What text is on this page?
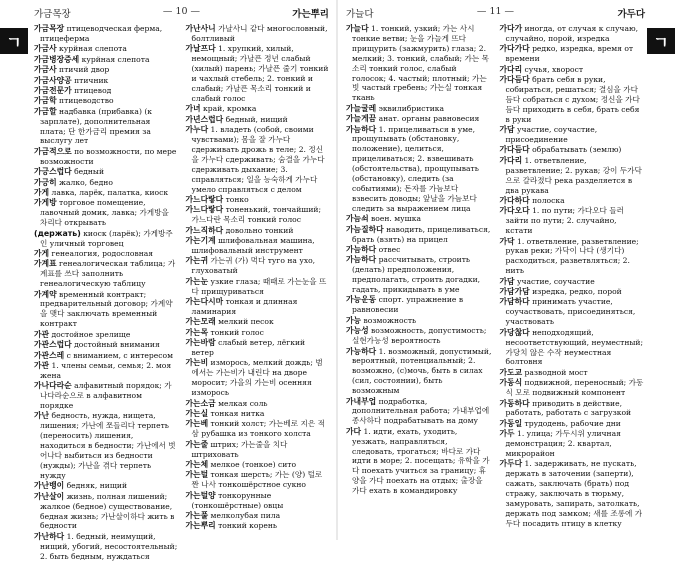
가금목장	— 10 —	가는뿌리
ㄱ
가금목장 птицеводческая ферма, птицеферма
가금사 курйная слепота
가금병장증세 курйная слепота
가금사 птичий двор
가금사양공 птичник
가금전문가 птицевод
가금학 птицеводство
가금할 надбавка (прибавка) (к зарплате), дополнительная плата; 단 한가금리 премия за выслугу лет
가금적으로 по возможности, по мере возможности
가긍스럽다 бедный
가긍히 жалко, бедно
가게 лавка, ларёк, палатка, киоск
가게방 торговое помещение, лавочный домик, лавка; 가게방을 차리다 открывать
(держать) киоск (ларёк); 가게방주인 уличный торговец
가게 генеалогия, родословная
가계표 генеалогическая таблица; 가계표를 쓰다 заполнить генеалогическую таблицу
가계약 временный контракт; предварительный договор; 가계약을 맺다 заключать временный контракт
가관 достойное зрелище
가관스럽다 достойный внимания
가관스레 с вниманием, с интересом
가관 1. члены семьи, семья; 2. моя жена
가나다라순 алфавитный порядок; 가나다라순으로 в алфавитном порядке
가난 бедность, нужда, нищета, лишения; 가난에 쪼들리다 терпеть (переносить) лишения, находиться в бедности; 가난에서 벗어나다 выбиться из бедности (нужды); 가난을 겪다 терпеть нужду
가난뱅이 бедняк, нищий
가난살이 жизнь, полная лишений; жалкое (бедное) существование, бедная жизнь; 가난살이하다 жить в бедности
가난하다 1. бедный, неимущий, нищий, убогий, несостоятельный; 2. быть бедным, нуждаться
가난사니 가날사니 같다 многословный, болтливый
가날프다 1. хрупкий, хилый, немощный; 가날픈 정년 слабый (хилый) парень; 가날픈 줄기 тонкий и чахлый стебель; 2. тонкий и слабый; 가날픈 목소리 тонкий и слабый голос
가녀 край, кромка
가년스럽다 бедный, нищий
가누다 1. владеть (собой, своими чувствами); 몸을 잘 가누다 сдерживать дрожь в теле; 2. 정신을 가누다 сдерживать; 숨결을 가누다 сдерживать дыхание; 3. справляться; 일을 능숙하게 가누다 умело справляться с делом
가느다랗다 тонко
가느다랗다 тоненький, тончайший; 가느다란 목소리 тонкий голос
가느직하다 довольно тонкий
가는기계 шлифовальная машина, шлифовальный инструмент
가는귀 가는귀 (가) 먹다 туго на ухо, глуховатый
가는눈 узкие глаза; 때때로 가는눈을 뜨다 прищуриваться
가는다시마 тонкая и длинная ламинария
가는모래 мелкий песок
가는목 тонкий голос
가는바람 слабый ветер, лёгкий ветер
가는비 изморось, мелкий дождь; 범에서는 가는비가 내린다 на дворе моросит; 가을의 가는비 осенняя изморось
가는소금 мелкая соль
가는실 тонкая нитка
가는베 тонкий холст; 가는베로 지은 적삼 рубашка из тонкого холста
가는줄 штрих; 가는줄을 치다 штриховать
가는체 мелкое (тонкое) сито
가는털 тонкая шерсть; 가는 (양) 털로 짠 나사 тонкошёрстное сукно
가는털양 тонкорунные (тонкошёрстные) овцы
가는풀 мелколубая пила
가는뿌리 тонкий корень
가늘다	— 11 —	가두다
ㄱ
가늘다 1. тонкий, узкий; 가는 사시 тонкие ветви; 눈을 가늘게 뜨다 прищурить (зажмурить) глаза; 2. мелкий; 3. тонкий, слабый; 가는 목소리 тонкий голос, слабый голосок; 4. частый; плотный; 가는 빗 частый гребень; 가는실 тонкая ткань
가늘굴레 эквилибристика
가늘게끔 анат. органы равновесия
가늠하다 1. прицеливаться в уме, прощупывать (обстановку, положение), целиться, прицеливаться; 2. взвешивать (обстоятельства), прощупывать (обстановку), следить (за событиями); 돈자를 가늠보다 взвесить доводы; 앞날을 가늠보다 следить за выражением лица
가늠쇠 воен. мушка
가늠질하다 наводить, прицеливаться, брать (взять) на прицел
가늠하다 отвес
가늠하다 рассчитывать, строить (делать) предположения, предполагать, строить догадки, гадать, прикидывать в уме
가능운동 спорт. упражнение в равновесии
가능 возможность
가능성 возможность, допустимость; 실현가능성 вероятность
가능하다 1. возможный, допустимый, вероятный, потенциальный; 2. возможно, (с)мочь, быть в силах (сил, состоянии), быть возможным
가내부업 подработка, дополнительная работа; 가내부업에 종사하다 подрабатывать на дому
가다 1. идти, ехать, уходить, уезжать, направляться, следовать, трогаться; 바다로 가다 идти в море; 2. посещать; 유학을 가다 поехать учиться за границу; 휴양을 가다 поехать на отдых; 출장을 가다 ехать в командировку
가다가 иногда, от случая к случаю, случайно, порой, изредка
가다가다 редко, изредка, время от времени
가다리 сучья, хворост
가다듬다 брать себя в руки, собираться, решаться; 결심을 가다듬다 собраться с духом; 정신을 가다듬다 приходить в себя, брать себя в руки
가담 участие, соучастие, присоединение
가다듬다 обрабатывать (землю)
가다리 1. ответвление, разветвление; 2. рукав; 강이 두가닥으로 갈라졌다 река разделяется в два рукава
가다하다 полоска
가다오다 1. по пути; 가다오다 들러 зайти по пути; 2. случайно, кстати
가닥 1. ответвление, разветвление; рукав реки; 가닥이 나다 (생기다) расходиться, разветвляться; 2. нить
가담 участие, соучастие
가담가담 изредка, редко, порой
가담하다 принимать участие, соучаствовать, присоединяться, участвовать
가당찮다 неподходящий, несоответствующий, неуместный; 가당치 않은 수작 неуместная болтовня
가도교 разводной мост
가동식 подвижной, переносный; 가동식 모로 подвижный компонент
가동하다 приводить в действие, работать, работать с загрузкой
가동일 трудодень, рабочие дни
가두 1. улица; 가두시위 уличная демонстрация; 2. квартал, микрорайон
가두다 1. задерживать, не пускать, держать в заточении (заперти), сажать, заключать (брать) под стражу, заключать в тюрьму, замуровать, запирать, затолкать, держать под замком; 새를 조롱에 가두다 посадить птицу в клетку
